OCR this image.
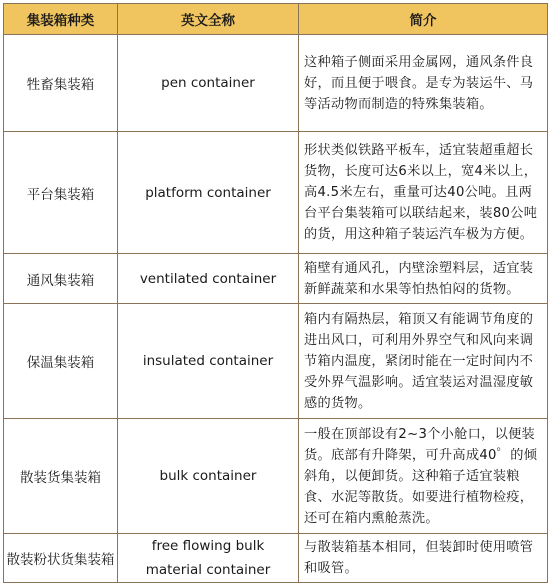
集装箱种类	英文全称	简介
牲畜集装箱	pen container	这种箱子侧面采用金属网，通风条件良好，而且便于喂食。是专为装运牛、马等活动物而制造的特殊集装箱。
平台集装箱	platform container	形状类似铁路平板车，适宜装超重超长货物，长度可达6米以上，宽4米以上，高4.5米左右，重量可达40公吨。且两台平台集装箱可以联结起来，装80公吨的货，用这种箱子装运汽车极为方便。
通风集装箱	ventilated container	箱壁有通风孔，内壁涂塑料层，适宜装新鲜蔬菜和水果等怕热怕闷的货物。
保温集装箱	insulated container	箱内有隔热层，箱顶又有能调节角度的进出风口，可利用外界空气和风向来调节箱内温度，紧闭时能在一定时间内不受外界气温影响。适宜装运对温湿度敏感的货物。
散装货集装箱	bulk container	一般在顶部设有2~3个小舱口，以便装货。底部有升降架，可升高成40゜的倾斜角，以便卸货。这种箱子适宜装粮食、水泥等散货。如要进行植物检疫，还可在箱内熏舱蒸洗。
散装粉状货集装箱	free flowing bulk material container	与散装箱基本相同，但装卸时使用喷管和吸管。
